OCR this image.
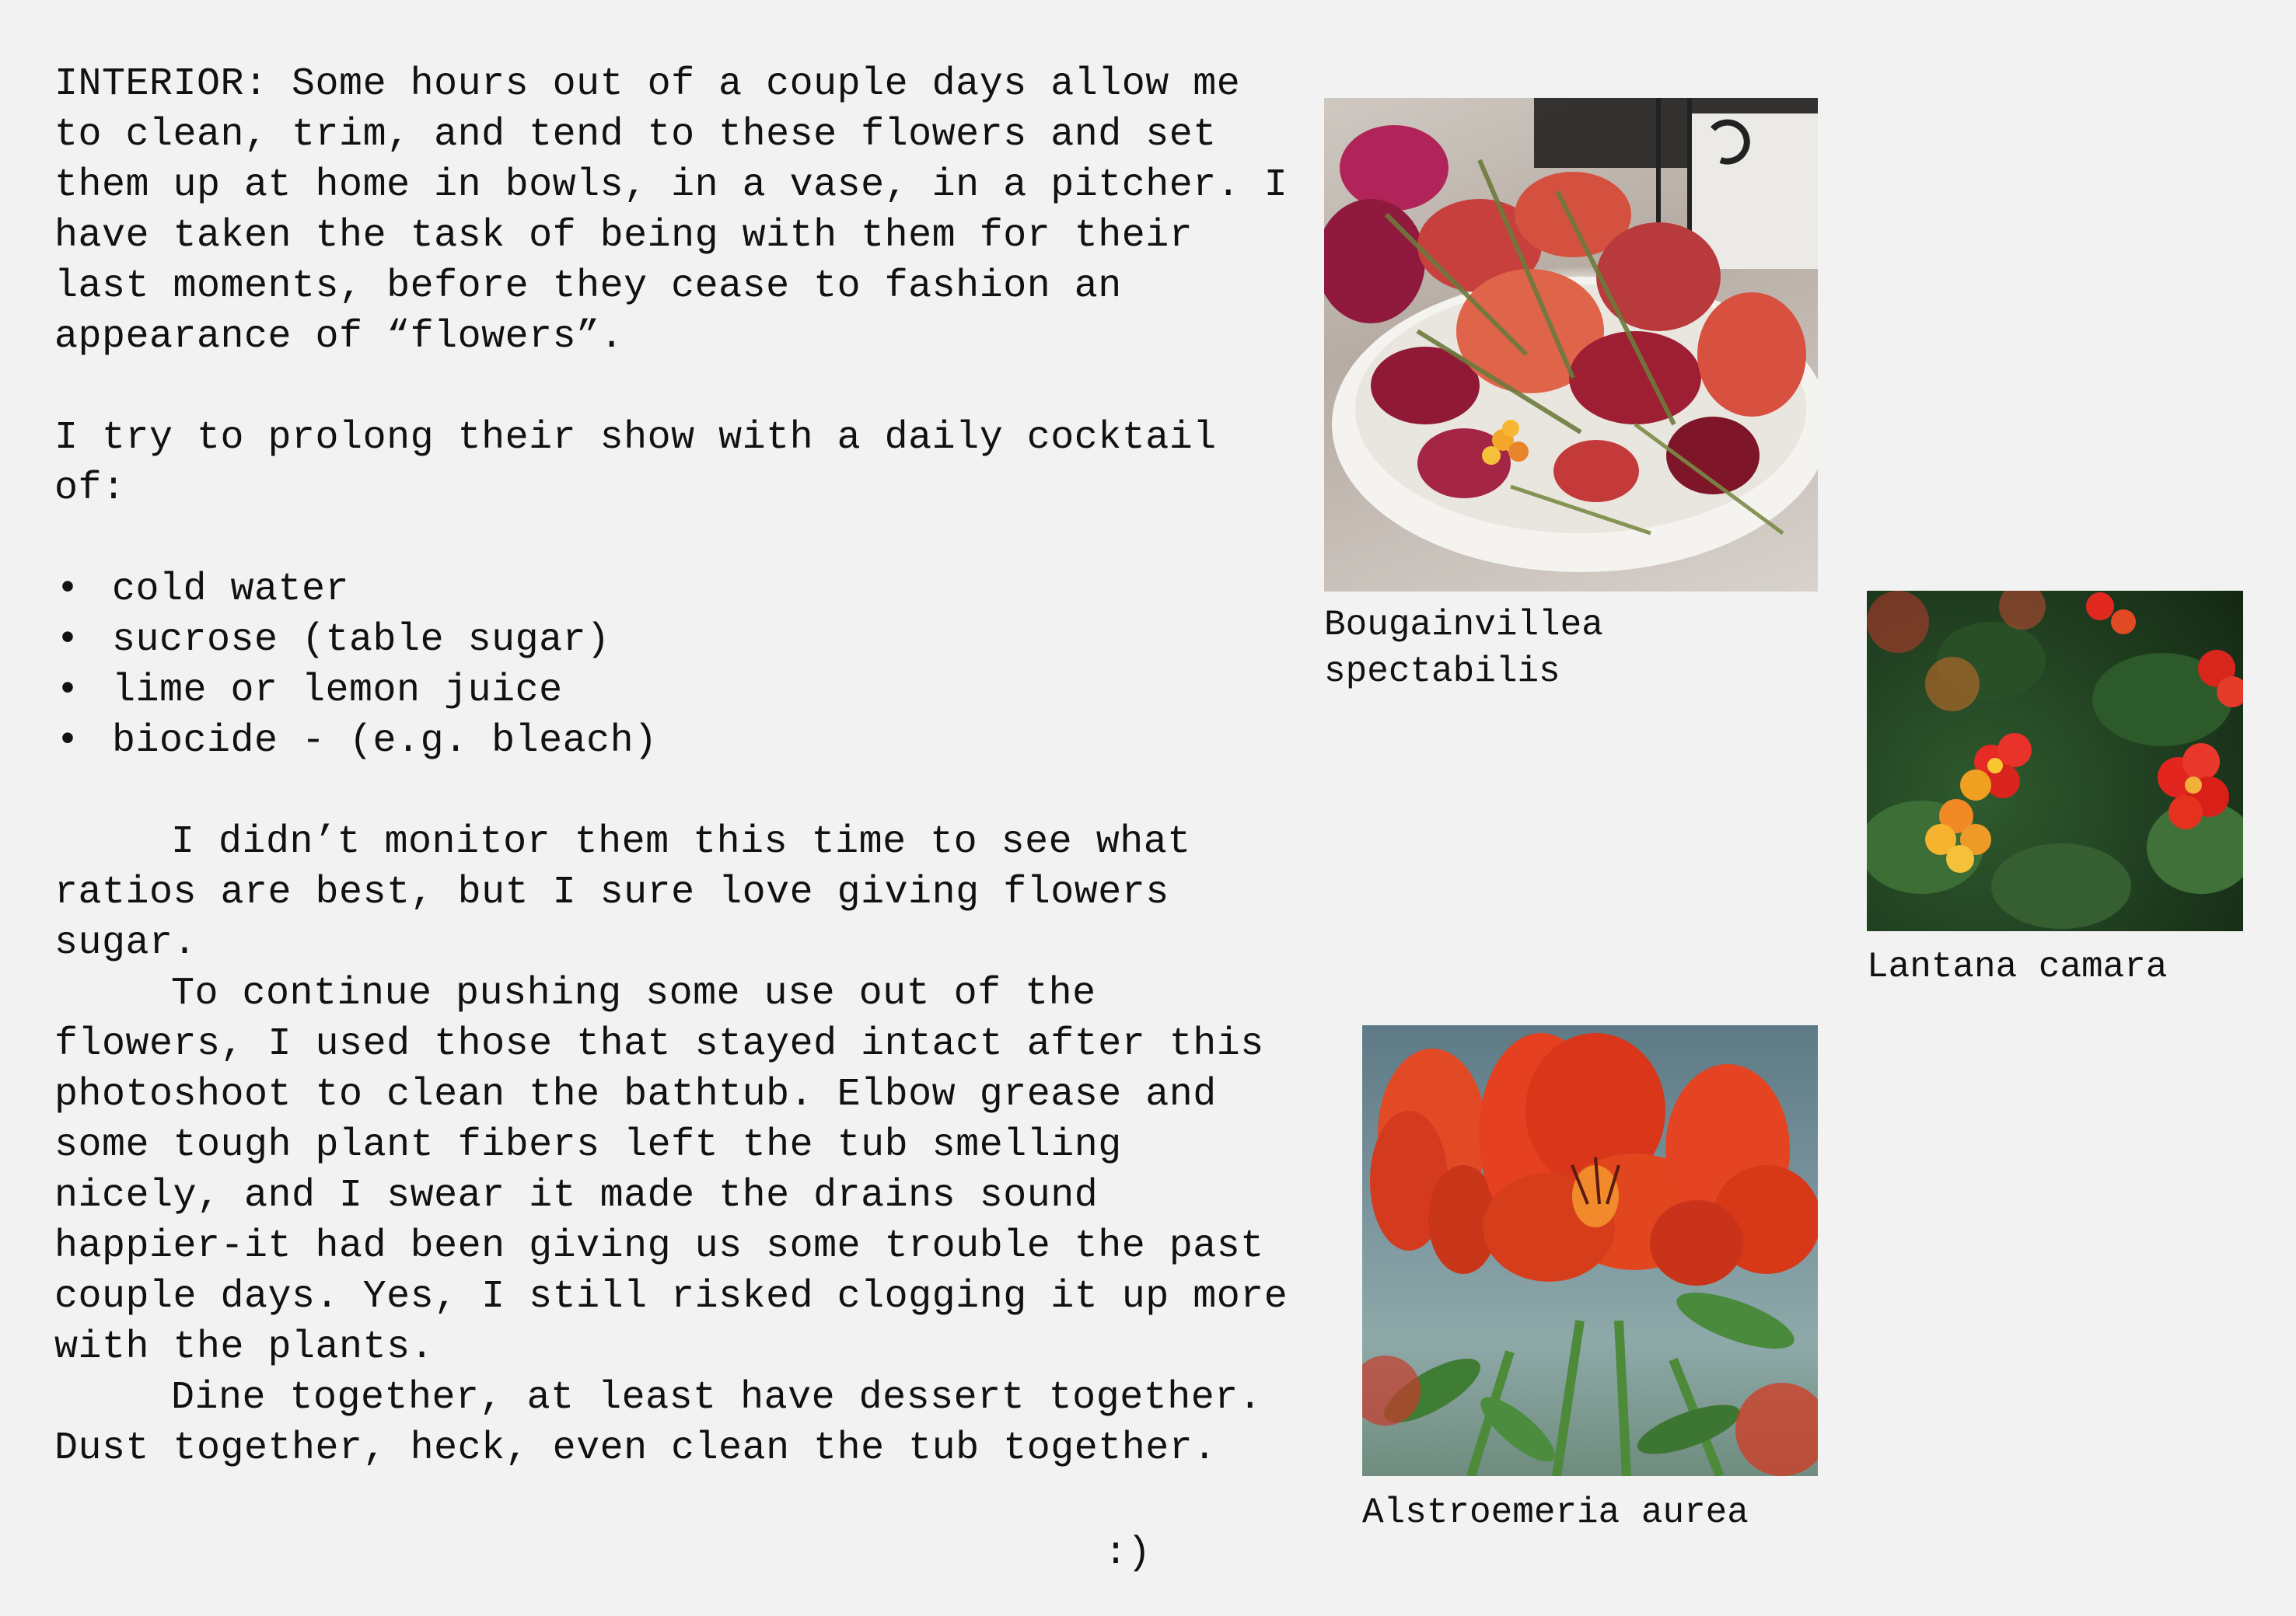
INTERIOR: Some hours out of a couple days allow me to clean, trim, and tend to these flowers and set them up at home in bowls, in a vase, in a pitcher. I have taken the task of being with them for their last moments, before they cease to fashion an appearance of “flowers”.

I try to prolong their show with a daily cocktail of:

• cold water
• sucrose (table sugar)
• lime or lemon juice
• biocide - (e.g. bleach)

I didn’t monitor them this time to see what ratios are best, but I sure love giving flowers sugar.

To continue pushing some use out of the flowers, I used those that stayed intact after this photoshoot to clean the bathtub. Elbow grease and some tough plant fibers left the tub smelling nicely, and I swear it made the drains sound happier-it had been giving us some trouble the past couple days. Yes, I still risked clogging it up more with the plants.

Dine together, at least have dessert together. Dust together, heck, even clean the tub together.

:)
Bougainvillea
spectabilis
Lantana camara
Alstroemeria aurea
